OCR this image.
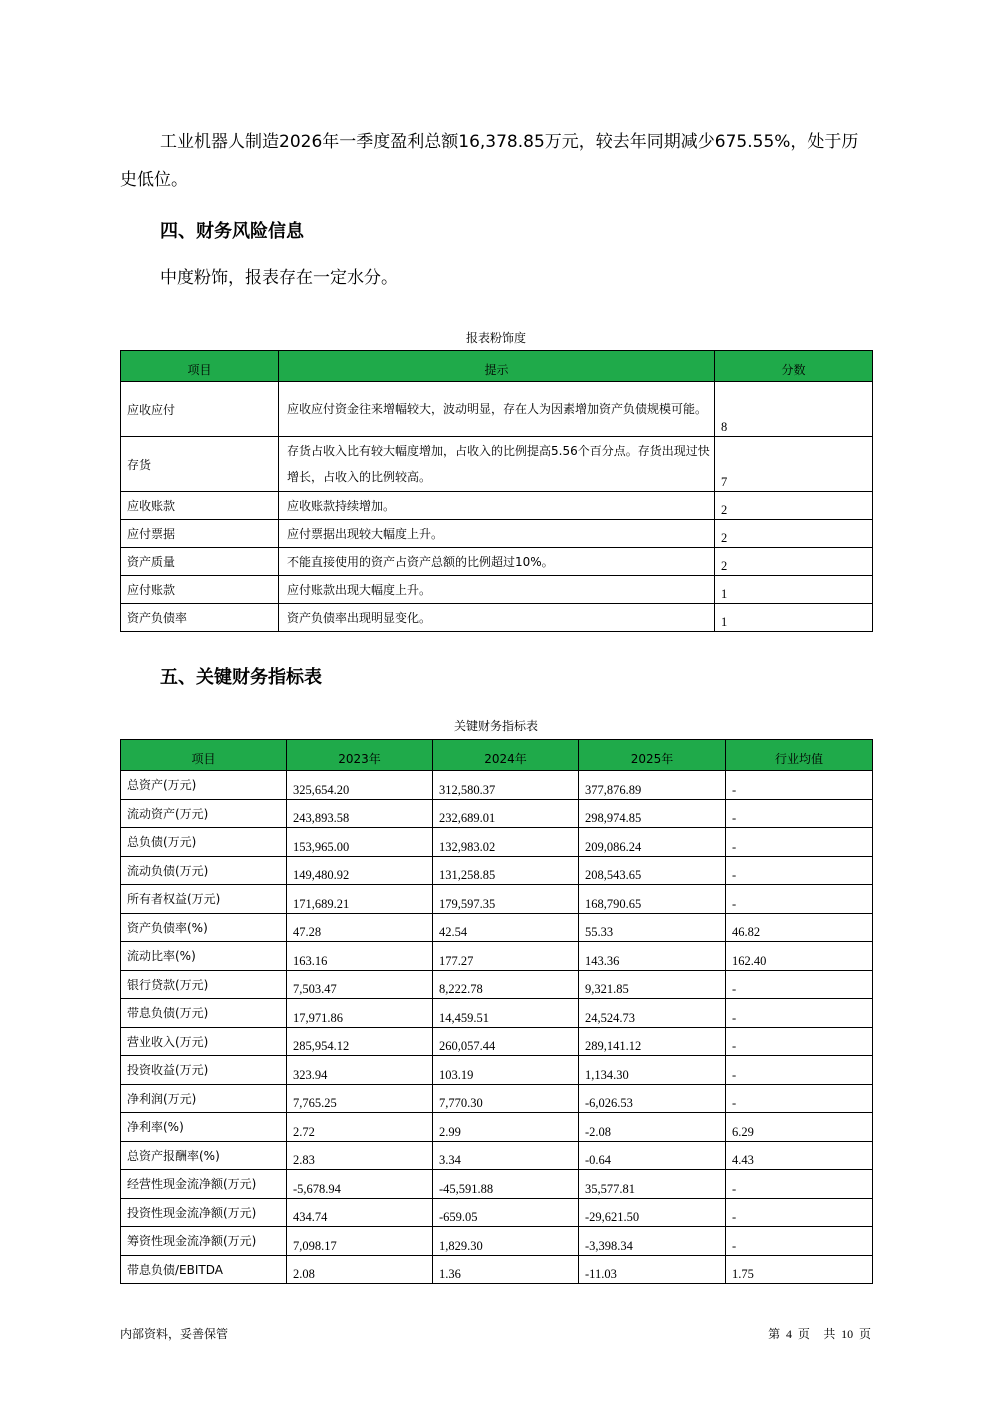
工业机器人制造2026年一季度盈利总额16,378.85万元，较去年同期减少675.55%，处于历史低位。

四、财务风险信息

中度粉饰，报表存在一定水分。

报表粉饰度
项目	提示	分数
应收应付	应收应付资金往来增幅较大，波动明显，存在人为因素增加资产负债规模可能。	8
存货	存货占收入比有较大幅度增加，占收入的比例提高5.56个百分点。存货出现过快增长，占收入的比例较高。	7
应收账款	应收账款持续增加。	2
应付票据	应付票据出现较大幅度上升。	2
资产质量	不能直接使用的资产占资产总额的比例超过10%。	2
应付账款	应付账款出现大幅度上升。	1
资产负债率	资产负债率出现明显变化。	1
五、关键财务指标表
关键财务指标表
项目	2023年	2024年	2025年	行业均值
总资产(万元)	325,654.20	312,580.37	377,876.89	-
流动资产(万元)	243,893.58	232,689.01	298,974.85	-
总负债(万元)	153,965.00	132,983.02	209,086.24	-
流动负债(万元)	149,480.92	131,258.85	208,543.65	-
所有者权益(万元)	171,689.21	179,597.35	168,790.65	-
资产负债率(%)	47.28	42.54	55.33	46.82
流动比率(%)	163.16	177.27	143.36	162.40
银行贷款(万元)	7,503.47	8,222.78	9,321.85	-
带息负债(万元)	17,971.86	14,459.51	24,524.73	-
营业收入(万元)	285,954.12	260,057.44	289,141.12	-
投资收益(万元)	323.94	103.19	1,134.30	-
净利润(万元)	7,765.25	7,770.30	-6,026.53	-
净利率(%)	2.72	2.99	-2.08	6.29
总资产报酬率(%)	2.83	3.34	-0.64	4.43
经营性现金流净额(万元)	-5,678.94	-45,591.88	35,577.81	-
投资性现金流净额(万元)	434.74	-659.05	-29,621.50	-
筹资性现金流净额(万元)	7,098.17	1,829.30	-3,398.34	-
带息负债/EBITDA	2.08	1.36	-11.03	1.75
内部资料，妥善保管	第 4 页 共 10 页
